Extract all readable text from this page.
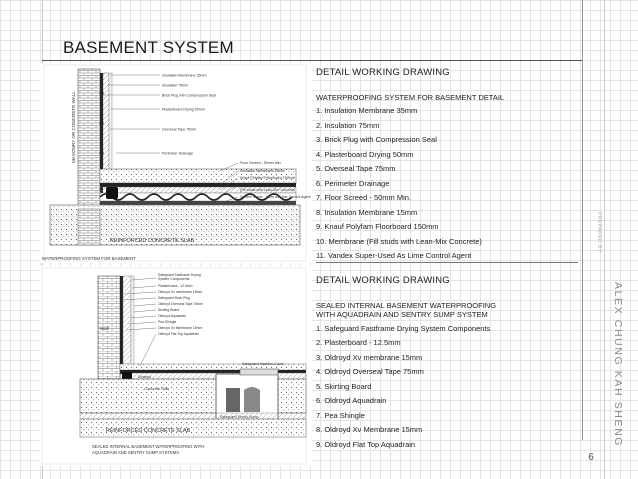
BASEMENT SYSTEM
MASONRY OR CONCRETE WALL
REINFORCED CONCRETE SLAB
Insulation Membrane 35mm
Insulation 75mm
Brick Plug with Compression Seal
Plasterboard Drying 50mm
Overseal Tape 75mm
Perimeter Drainage
Floor Screed - 50mm Min.
Insulation Membrane 15mm
Knauf Polyfam Floorboard 150mm
Membrane
(Fill studs with Lean-Mix Concrete)
Vandex Super - Used as Lime Control Agent
WATERPROOFING SYSTEM FOR BASEMENT
Wall
Safeguard Machine Cover
Screed
Concrete Slab
REINFORCED CONCRETE SLAB
Safeguard Fastframe Drying
System Components
Plasterboard - 12.5mm
Oldroyd Xv membrane 15mm
Safeguard Brick Plug
Oldroyd Overseal Tape 75mm
Skirting Board
Oldroyd Aquadrain
Pea Shingle
Oldroyd Xv Membrane 15mm
Oldroyd Flat Top Aquadrain
SEALED INTERNAL BASEMENT WATERPROOFING WITH
AQUADRAIN AND SENTRY SUMP SYSTEMS
DETAIL WORKING DRAWING
WATERPROOFING SYSTEM FOR BASEMENT DETAIL
1. Insulation Membrane 35mm
2. Insulation 75mm
3. Brick Plug with Compression Seal
4. Plasterboard Drying 50mm
5. Overseal Tape 75mm
6. Perimeter Drainage
7. Floor Screed - 50mm Min.
8. Insulation Membrane 15mm
9. Knauf Polyfam Floorboard 150mm
10. Membrane (Fill studs with Lean-Mix Concrete)
11. Vandex Super-Used As Lime Control Agent
DETAIL WORKING DRAWING
SEALED INTERNAL BASEMENT WATERPROOFING WITH AQUADRAIN AND SENTRY SUMP SYSTEM
1. Safeguard Fastframe Drying System Components
2. Plasterboard - 12.5mm
3. Oldroyd Xv membrane 15mm
4. Oldroyd Overseal Tape 75mm
5. Skirting Board
6. Oldroyd Aquadrain
7. Pea Shingle
8. Oldroyd Xv Membrane 15mm
9. Oldroyd Flat Top Aquadrain
PREPARED BY:
ALEX CHUNG KAH SHENG
6
